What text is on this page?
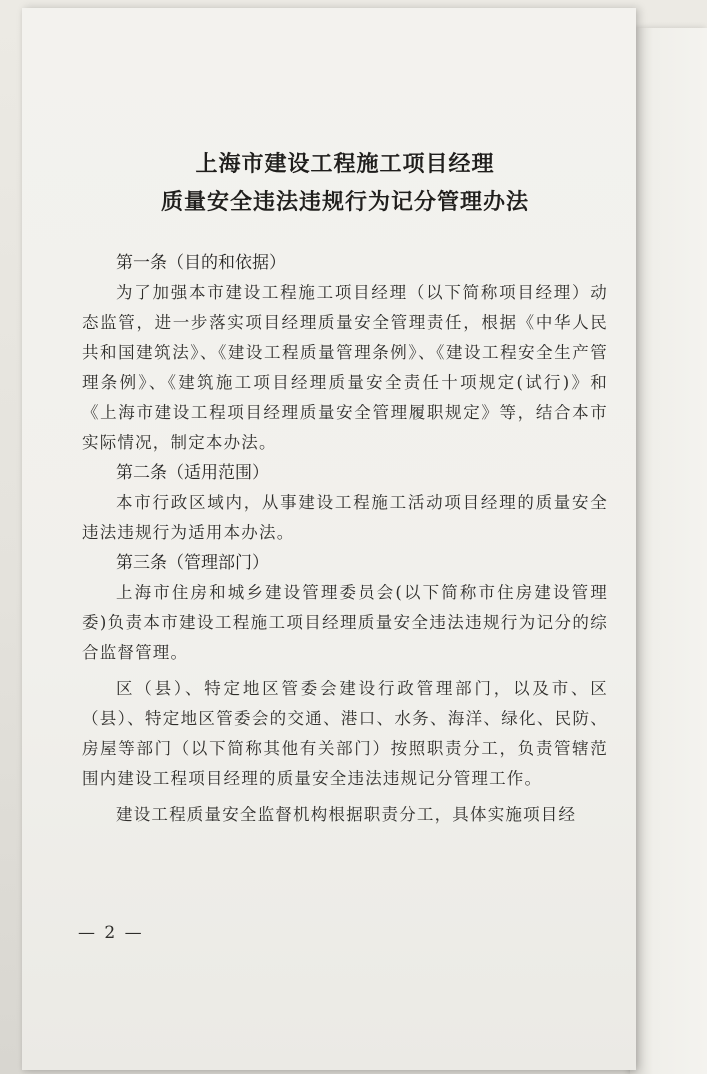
上海市建设工程施工项目经理

质量安全违法违规行为记分管理办法

第一条（目的和依据）

为了加强本市建设工程施工项目经理（以下简称项目经理）动态监管，进一步落实项目经理质量安全管理责任，根据《中华人民共和国建筑法》、《建设工程质量管理条例》、《建设工程安全生产管理条例》、《建筑施工项目经理质量安全责任十项规定(试行)》和《上海市建设工程项目经理质量安全管理履职规定》等，结合本市实际情况，制定本办法。

第二条（适用范围）

本市行政区域内，从事建设工程施工活动项目经理的质量安全违法违规行为适用本办法。

第三条（管理部门）

上海市住房和城乡建设管理委员会(以下简称市住房建设管理委)负责本市建设工程施工项目经理质量安全违法违规行为记分的综合监督管理。

区（县）、特定地区管委会建设行政管理部门，以及市、区（县）、特定地区管委会的交通、港口、水务、海洋、绿化、民防、房屋等部门（以下简称其他有关部门）按照职责分工，负责管辖范围内建设工程项目经理的质量安全违法违规记分管理工作。

建设工程质量安全监督机构根据职责分工，具体实施项目经

— 2 —
